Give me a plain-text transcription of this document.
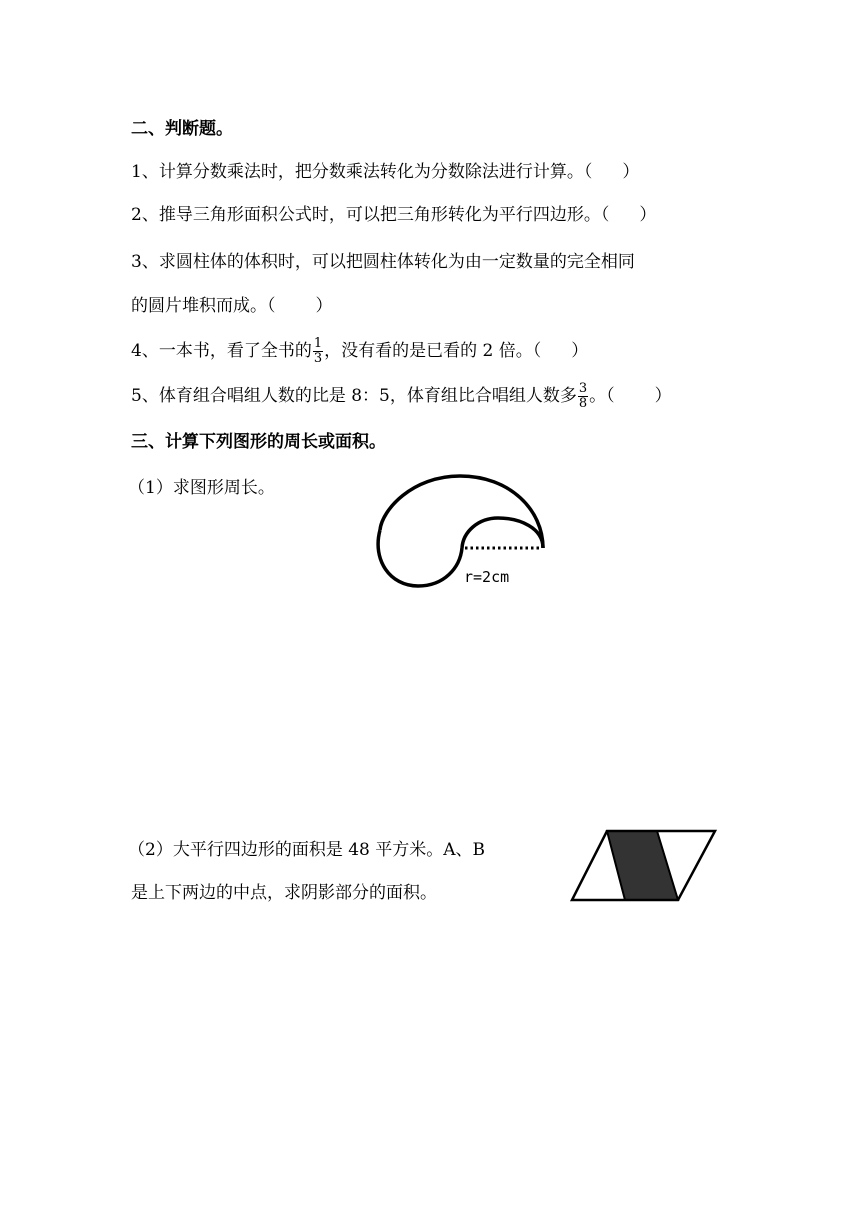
二、判断题。
1、计算分数乘法时，把分数乘法转化为分数除法进行计算。（ ）
2、推导三角形面积公式时，可以把三角形转化为平行四边形。（ ）
3、求圆柱体的体积时，可以把圆柱体转化为由一定数量的完全相同
的圆片堆积而成。（ ）
4、一本书，看了全书的 $\frac{1}{3}$ ，没有看的是已看的 2 倍。（ ）
5、体育组合唱组人数的比是 8：5，体育组比合唱组人数多 $\frac{3}{8}$ 。（ ）
三、计算下列图形的周长或面积。
（1）求图形周长。
r=2cm
（2）大平行四边形的面积是 48 平方米。A、B
是上下两边的中点，求阴影部分的面积。
